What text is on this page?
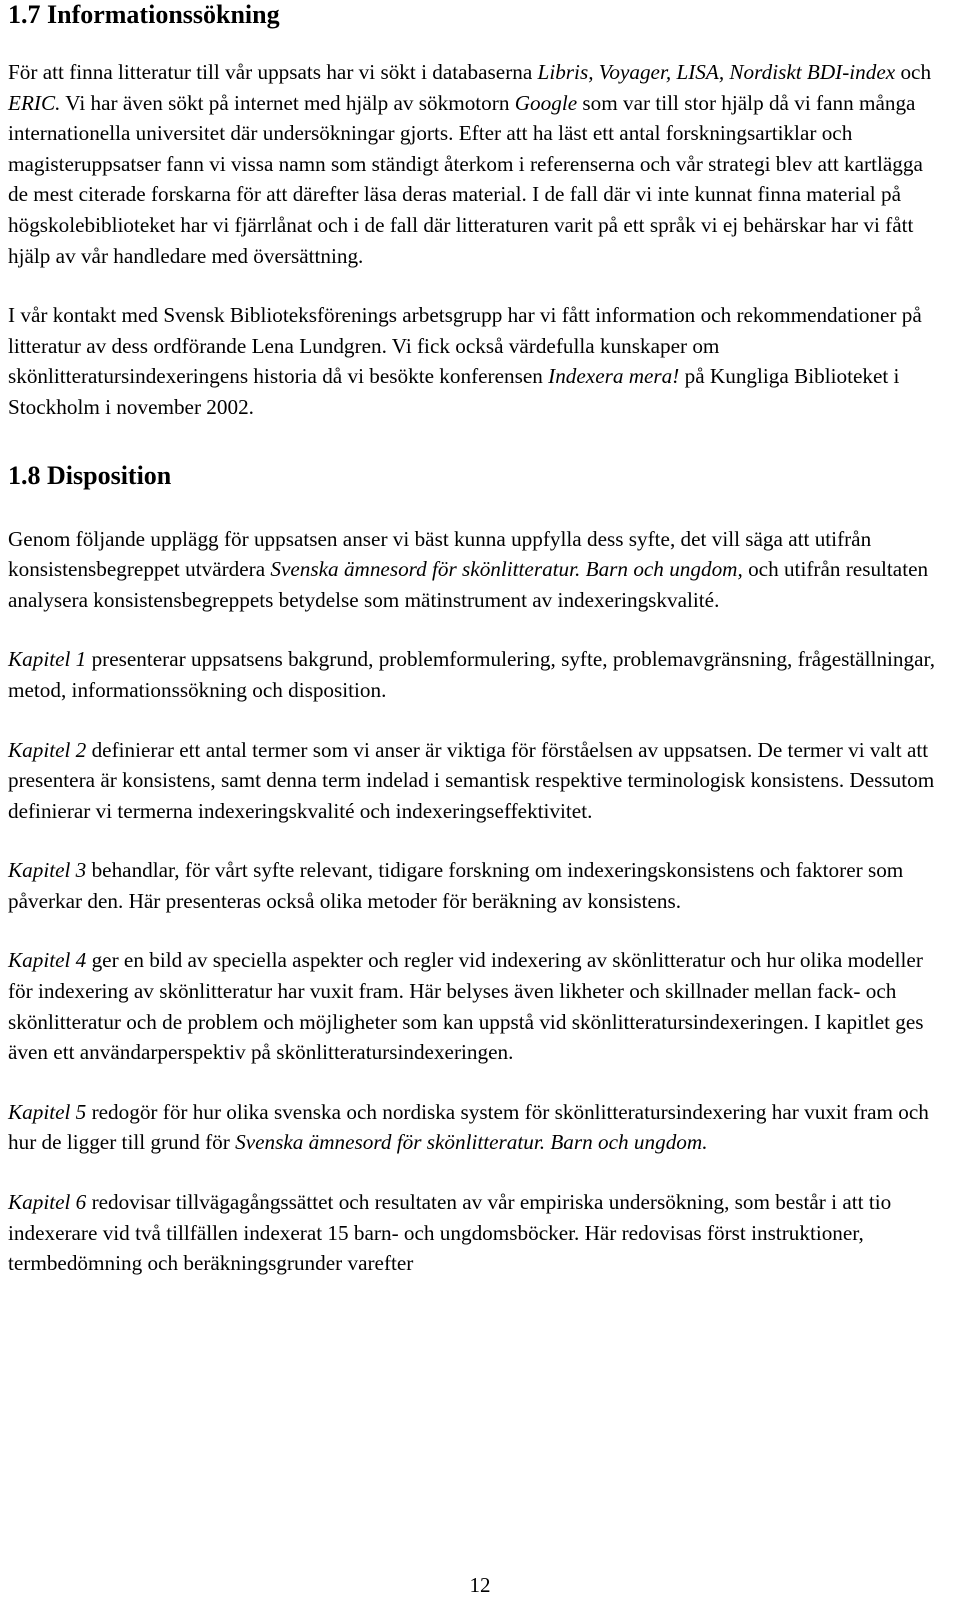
1.7 Informationssökning

För att finna litteratur till vår uppsats har vi sökt i databaserna Libris, Voyager, LISA, Nordiskt BDI-index och ERIC. Vi har även sökt på internet med hjälp av sökmotorn Google som var till stor hjälp då vi fann många internationella universitet där undersökningar gjorts. Efter att ha läst ett antal forskningsartiklar och magisteruppsatser fann vi vissa namn som ständigt återkom i referenserna och vår strategi blev att kartlägga de mest citerade forskarna för att därefter läsa deras material. I de fall där vi inte kunnat finna material på högskolebiblioteket har vi fjärrlånat och i de fall där litteraturen varit på ett språk vi ej behärskar har vi fått hjälp av vår handledare med översättning.

I vår kontakt med Svensk Biblioteksförenings arbetsgrupp har vi fått information och rekommendationer på litteratur av dess ordförande Lena Lundgren. Vi fick också värdefulla kunskaper om skönlitteratursindexeringens historia då vi besökte konferensen Indexera mera! på Kungliga Biblioteket i Stockholm i november 2002.

1.8 Disposition

Genom följande upplägg för uppsatsen anser vi bäst kunna uppfylla dess syfte, det vill säga att utifrån konsistensbegreppet utvärdera Svenska ämnesord för skönlitteratur. Barn och ungdom, och utifrån resultaten analysera konsistensbegreppets betydelse som mätinstrument av indexeringskvalité.

Kapitel 1 presenterar uppsatsens bakgrund, problemformulering, syfte, problemavgränsning, frågeställningar, metod, informationssökning och disposition.

Kapitel 2 definierar ett antal termer som vi anser är viktiga för förståelsen av uppsatsen. De termer vi valt att presentera är konsistens, samt denna term indelad i semantisk respektive terminologisk konsistens. Dessutom definierar vi termerna indexeringskvalité och indexeringseffektivitet.

Kapitel 3 behandlar, för vårt syfte relevant, tidigare forskning om indexeringskonsistens och faktorer som påverkar den. Här presenteras också olika metoder för beräkning av konsistens.

Kapitel 4 ger en bild av speciella aspekter och regler vid indexering av skönlitteratur och hur olika modeller för indexering av skönlitteratur har vuxit fram. Här belyses även likheter och skillnader mellan fack- och skönlitteratur och de problem och möjligheter som kan uppstå vid skönlitteratursindexeringen. I kapitlet ges även ett användarperspektiv på skönlitteratursindexeringen.

Kapitel 5 redogör för hur olika svenska och nordiska system för skönlitteratursindexering har vuxit fram och hur de ligger till grund för Svenska ämnesord för skönlitteratur. Barn och ungdom.

Kapitel 6 redovisar tillvägagångssättet och resultaten av vår empiriska undersökning, som består i att tio indexerare vid två tillfällen indexerat 15 barn- och ungdomsböcker. Här redovisas först instruktioner, termbedömning och beräkningsgrunder varefter

12
